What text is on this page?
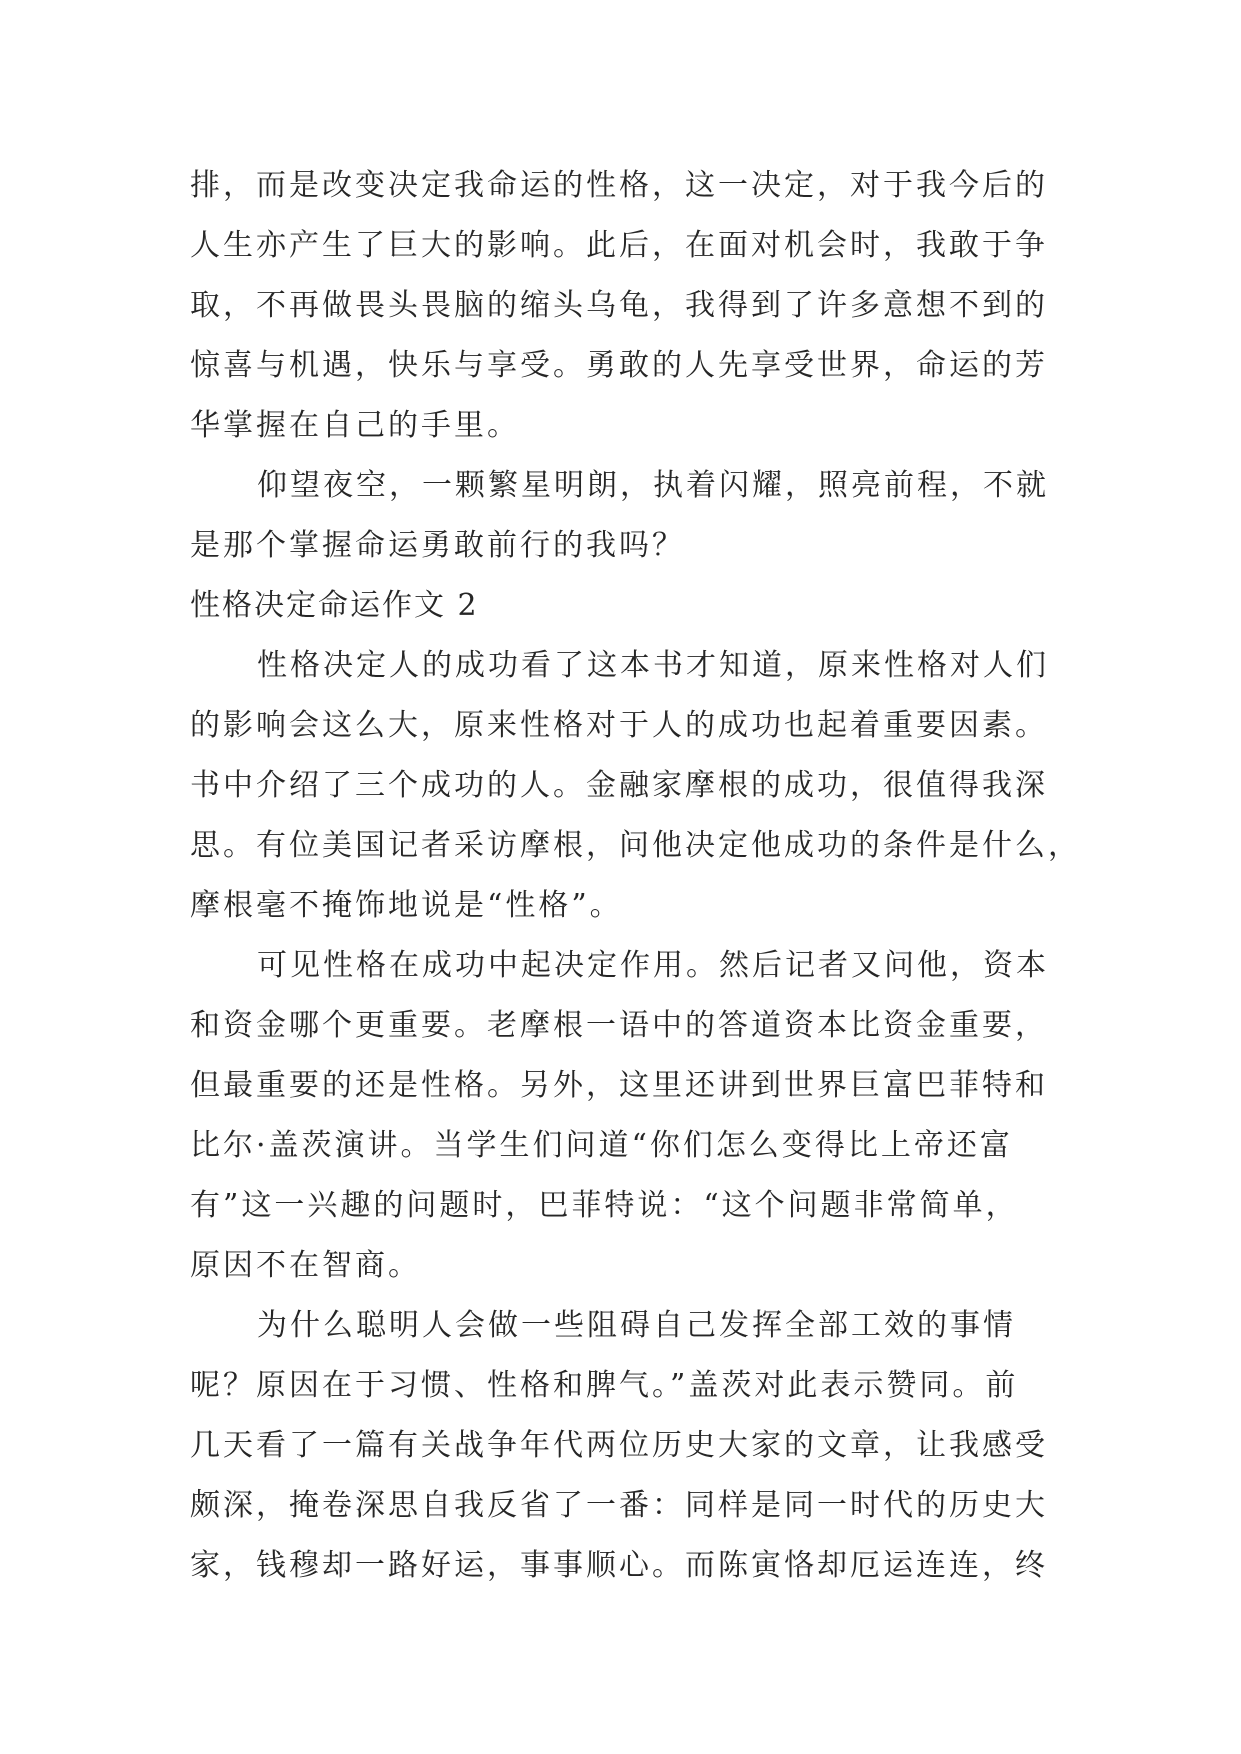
排，而是改变决定我命运的性格，这一决定，对于我今后的
人生亦产生了巨大的影响。此后，在面对机会时，我敢于争
取，不再做畏头畏脑的缩头乌龟，我得到了许多意想不到的
惊喜与机遇，快乐与享受。勇敢的人先享受世界，命运的芳
华掌握在自己的手里。
仰望夜空，一颗繁星明朗，执着闪耀，照亮前程，不就
是那个掌握命运勇敢前行的我吗？
性格决定命运作文 2
性格决定人的成功看了这本书才知道，原来性格对人们
的影响会这么大，原来性格对于人的成功也起着重要因素。
书中介绍了三个成功的人。金融家摩根的成功，很值得我深
思。有位美国记者采访摩根，问他决定他成功的条件是什么，
摩根毫不掩饰地说是“性格”。
可见性格在成功中起决定作用。然后记者又问他，资本
和资金哪个更重要。老摩根一语中的答道资本比资金重要，
但最重要的还是性格。另外，这里还讲到世界巨富巴菲特和
比尔·盖茨演讲。当学生们问道“你们怎么变得比上帝还富
有”这一兴趣的问题时，巴菲特说：“这个问题非常简单，
原因不在智商。
为什么聪明人会做一些阻碍自己发挥全部工效的事情
呢？原因在于习惯、性格和脾气。”盖茨对此表示赞同。前
几天看了一篇有关战争年代两位历史大家的文章，让我感受
颇深，掩卷深思自我反省了一番：同样是同一时代的历史大
家，钱穆却一路好运，事事顺心。而陈寅恪却厄运连连，终
